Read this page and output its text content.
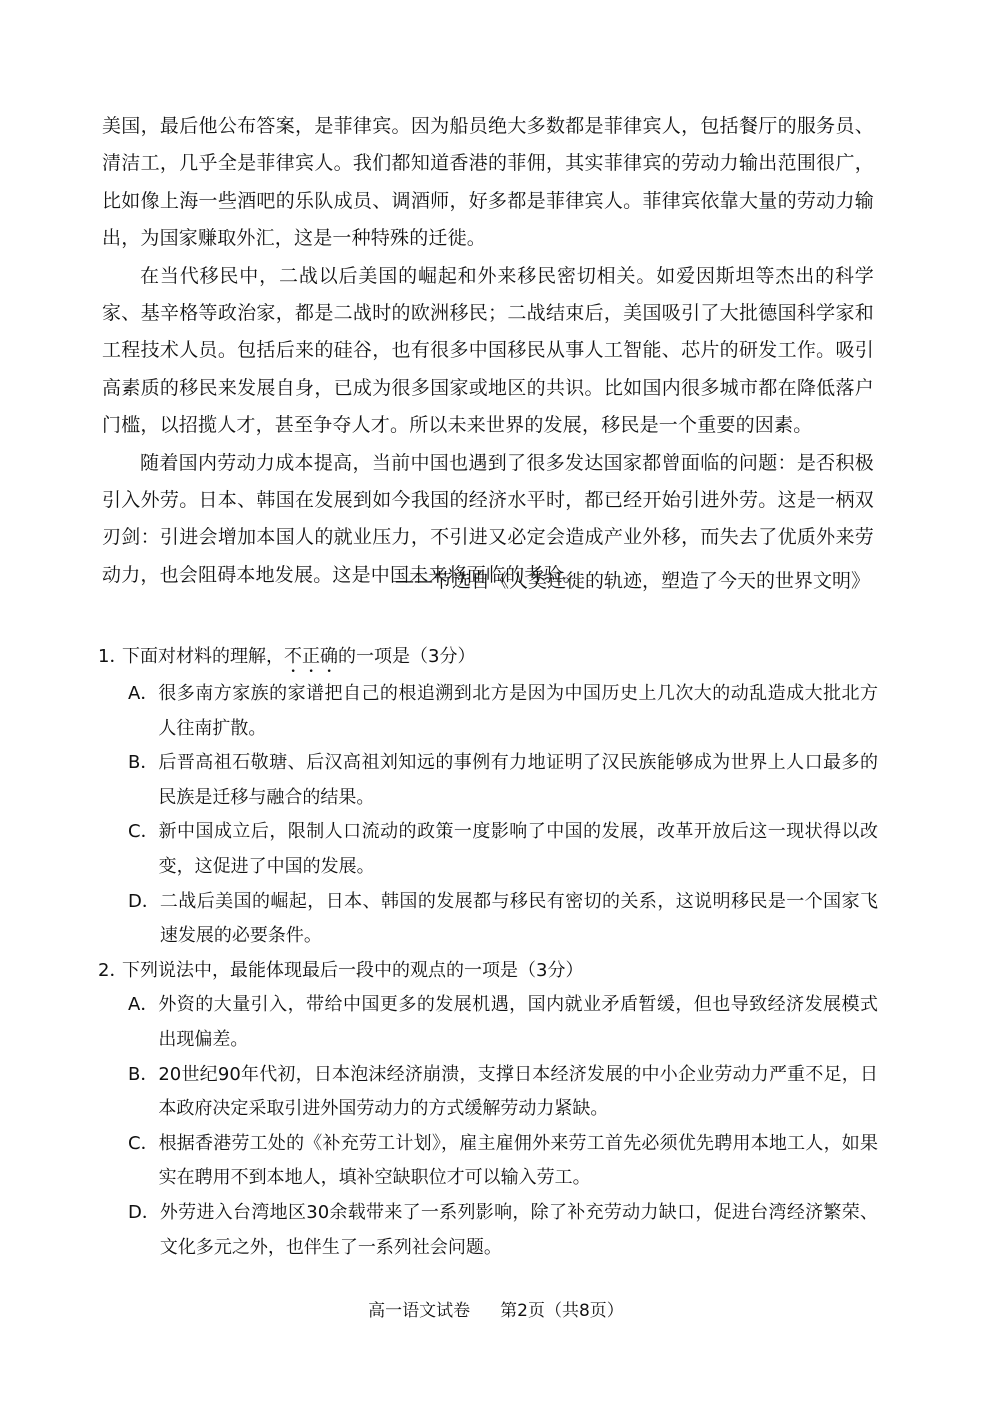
美国，最后他公布答案，是菲律宾。因为船员绝大多数都是菲律宾人，包括餐厅的服务员、清洁工，几乎全是菲律宾人。我们都知道香港的菲佣，其实菲律宾的劳动力输出范围很广，比如像上海一些酒吧的乐队成员、调酒师，好多都是菲律宾人。菲律宾依靠大量的劳动力输出，为国家赚取外汇，这是一种特殊的迁徙。

在当代移民中，二战以后美国的崛起和外来移民密切相关。如爱因斯坦等杰出的科学家、基辛格等政治家，都是二战时的欧洲移民；二战结束后，美国吸引了大批德国科学家和工程技术人员。包括后来的硅谷，也有很多中国移民从事人工智能、芯片的研发工作。吸引高素质的移民来发展自身，已成为很多国家或地区的共识。比如国内很多城市都在降低落户门槛，以招揽人才，甚至争夺人才。所以未来世界的发展，移民是一个重要的因素。

随着国内劳动力成本提高，当前中国也遇到了很多发达国家都曾面临的问题：是否积极引入外劳。日本、韩国在发展到如今我国的经济水平时，都已经开始引进外劳。这是一柄双刃剑：引进会增加本国人的就业压力，不引进又必定会造成产业外移，而失去了优质外来劳动力，也会阻碍本地发展。这是中国未来将面临的考验。

——节选自《人类迁徙的轨迹，塑造了今天的世界文明》

1．下面对材料的理解，不正确的一项是（3分）

A． 很多南方家族的家谱把自己的根追溯到北方是因为中国历史上几次大的动乱造成大批北方人往南扩散。
B． 后晋高祖石敬瑭、后汉高祖刘知远的事例有力地证明了汉民族能够成为世界上人口最多的民族是迁移与融合的结果。
C． 新中国成立后，限制人口流动的政策一度影响了中国的发展，改革开放后这一现状得以改变，这促进了中国的发展。
D． 二战后美国的崛起，日本、韩国的发展都与移民有密切的关系，这说明移民是一个国家飞速发展的必要条件。

2．下列说法中，最能体现最后一段中的观点的一项是（3分）

A． 外资的大量引入，带给中国更多的发展机遇，国内就业矛盾暂缓，但也导致经济发展模式出现偏差。
B． 20世纪90年代初，日本泡沫经济崩溃，支撑日本经济发展的中小企业劳动力严重不足，日本政府决定采取引进外国劳动力的方式缓解劳动力紧缺。
C． 根据香港劳工处的《补充劳工计划》，雇主雇佣外来劳工首先必须优先聘用本地工人，如果实在聘用不到本地人，填补空缺职位才可以输入劳工。
D． 外劳进入台湾地区30余载带来了一系列影响，除了补充劳动力缺口，促进台湾经济繁荣、文化多元之外，也伴生了一系列社会问题。
高一语文试卷 第2页（共8页）
